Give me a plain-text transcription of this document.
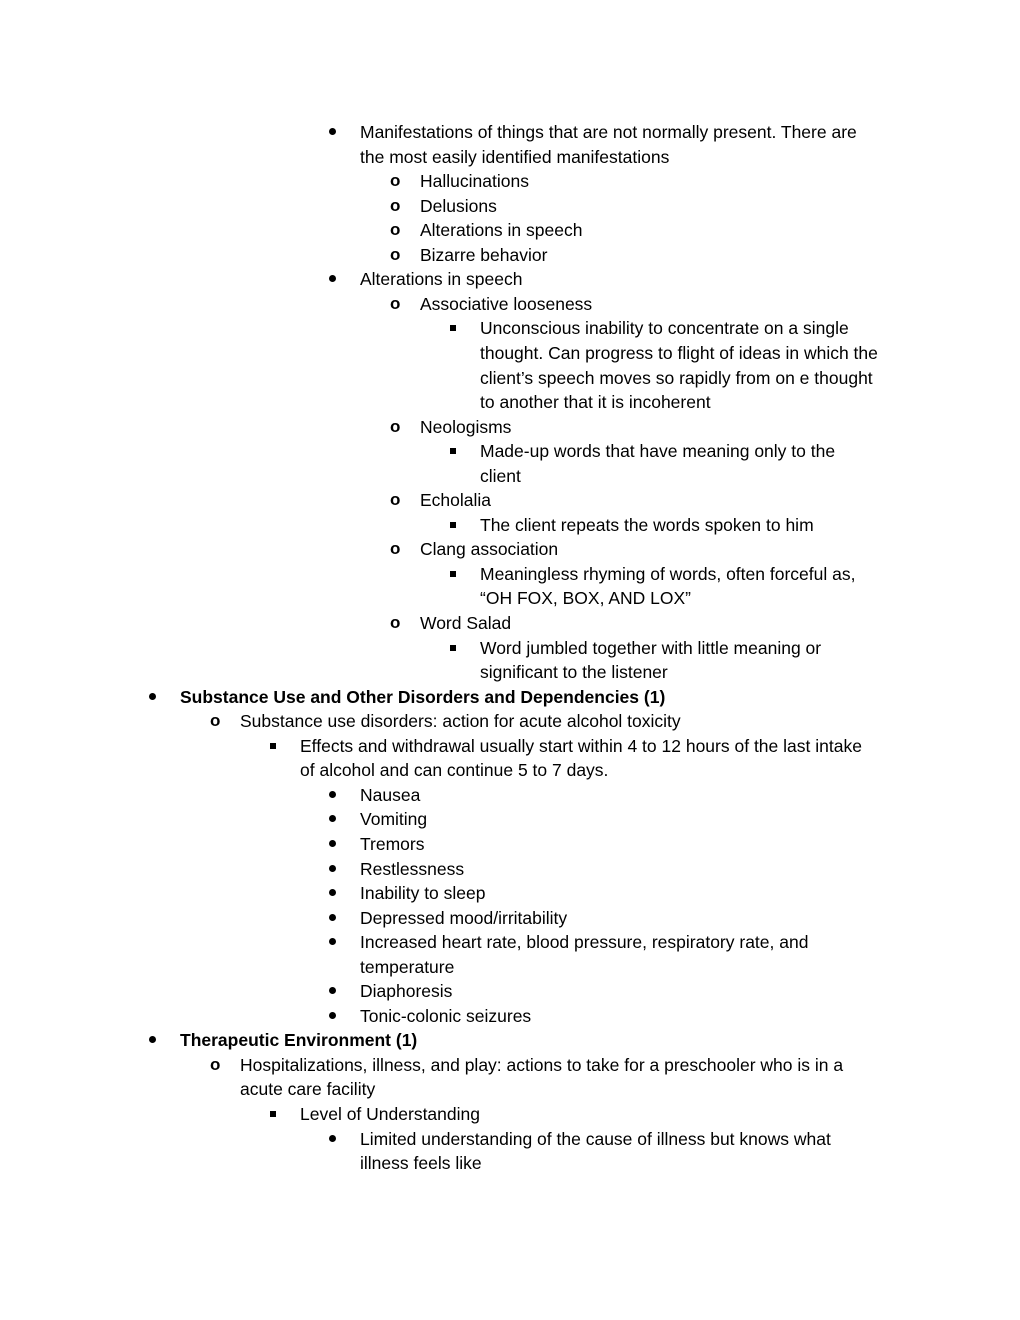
Manifestations of things that are not normally present. There are
the most easily identified manifestations
o Hallucinations
o Delusions
o Alterations in speech
o Bizarre behavior
Alterations in speech
o Associative looseness
Unconscious inability to concentrate on a single
thought. Can progress to flight of ideas in which the
client’s speech moves so rapidly from on e thought
to another that it is incoherent
o Neologisms
Made-up words that have meaning only to the
client
o Echolalia
The client repeats the words spoken to him
o Clang association
Meaningless rhyming of words, often forceful as,
“OH FOX, BOX, AND LOX”
o Word Salad
Word jumbled together with little meaning or
significant to the listener
Substance Use and Other Disorders and Dependencies (1)
o Substance use disorders: action for acute alcohol toxicity
Effects and withdrawal usually start within 4 to 12 hours of the last intake
of alcohol and can continue 5 to 7 days.
Nausea
Vomiting
Tremors
Restlessness
Inability to sleep
Depressed mood/irritability
Increased heart rate, blood pressure, respiratory rate, and
temperature
Diaphoresis
Tonic-colonic seizures
Therapeutic Environment (1)
o Hospitalizations, illness, and play: actions to take for a preschooler who is in a
acute care facility
Level of Understanding
Limited understanding of the cause of illness but knows what
illness feels like
